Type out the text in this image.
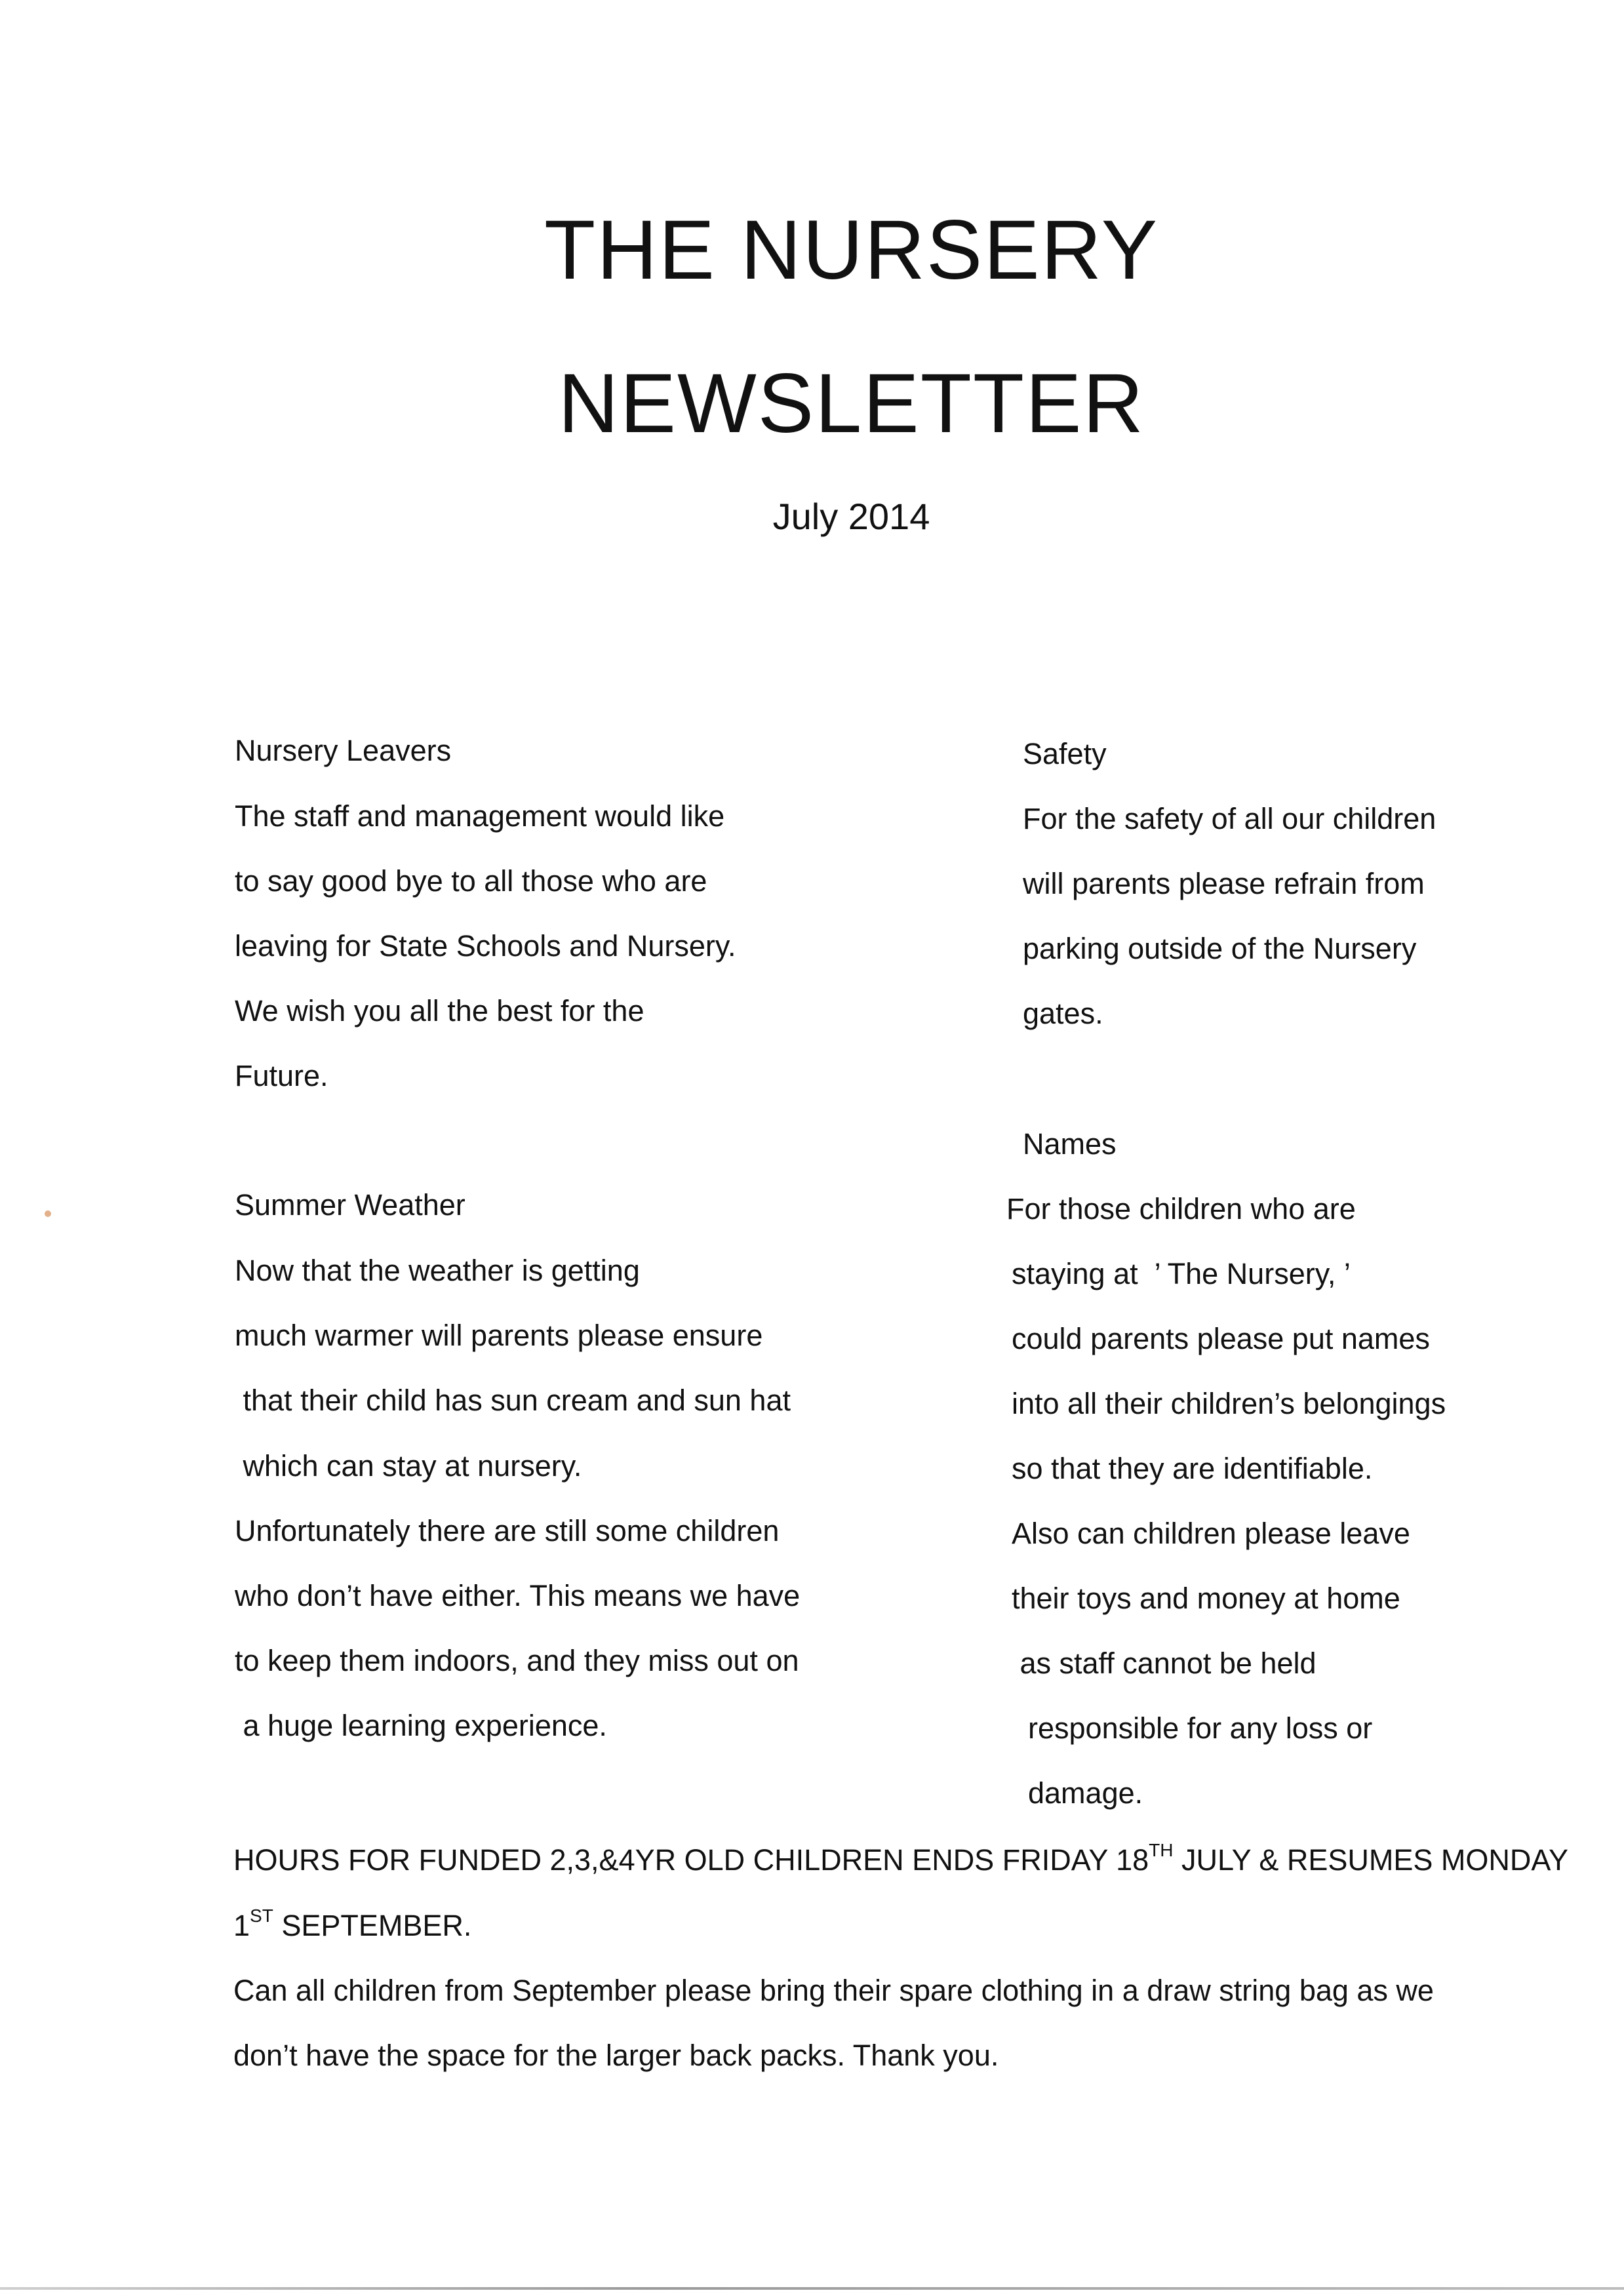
THE NURSERY
NEWSLETTER
July 2014
Nursery Leavers
The staff and management would like
to say good bye to all those who are
leaving for State Schools and Nursery.
We wish you all the best for the
Future.
Summer Weather
Now that the weather is getting
much warmer will parents please ensure
that their child has sun cream and sun hat
which can stay at nursery.
Unfortunately there are still some children
who don’t have either. This means we have
to keep them indoors, and they miss out on
a huge learning experience.
Safety
For the safety of all our children
will parents please refrain from
parking outside of the Nursery
gates.
Names
For those children who are
staying at  ’ The Nursery, ’
could parents please put names
into all their children’s belongings
so that they are identifiable.
Also can children please leave
their toys and money at home
as staff cannot be held
responsible for any loss or
damage.
HOURS FOR FUNDED 2,3,&4YR OLD CHILDREN ENDS FRIDAY 18TH JULY & RESUMES MONDAY
1ST SEPTEMBER.
Can all children from September please bring their spare clothing in a draw string bag as we
don’t have the space for the larger back packs. Thank you.
